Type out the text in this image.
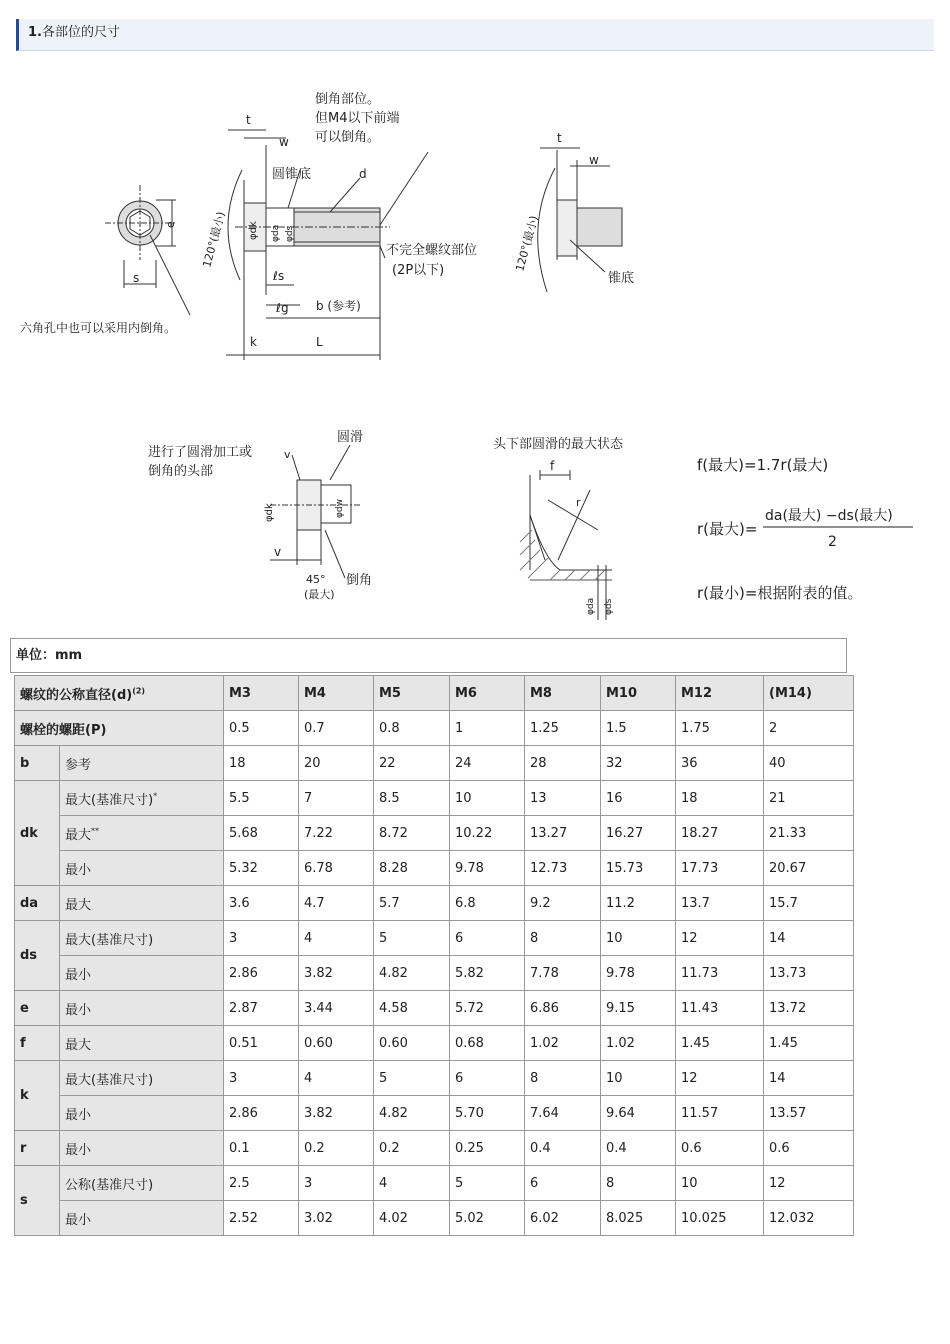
1.各部位的尺寸
s
e
六角孔中也可以采用内倒角。
t
w
d
倒角部位。
但M4以下前端
可以倒角。
圆锥底
不完全螺纹部位
(2P以下)
120°(最小) φdk φda φds
ℓs
ℓg b (参考)
k	L
t
w
120°(最小)
锥底
进行了圆滑加工或
倒角的头部
圆滑
倒角
v
v
φdk	φdw
45°
(最大)
头下部圆滑的最大状态
f
r
φda φds
f(最大)=1.7r(最大)
r(最大)=
da(最大) −ds(最大)
2
r(最小)=根据附表的值。
单位：mm
螺纹的公称直径$(d)^{(2)}$		M3	M4	M5	M6	M8	M10	M12	(M14)
螺栓的螺距(P)		0.5	0.7	0.8	1	1.25	1.5	1.75	2
b	参考	18	20	22	24	28	32	36	40
dk	最大(基准尺寸)*	5.5	7	8.5	10	13	16	18	21
	最大**	5.68	7.22	8.72	10.22	13.27	16.27	18.27	21.33
	最小	5.32	6.78	8.28	9.78	12.73	15.73	17.73	20.67
da	最大	3.6	4.7	5.7	6.8	9.2	11.2	13.7	15.7
ds	最大(基准尺寸)	3	4	5	6	8	10	12	14
	最小	2.86	3.82	4.82	5.82	7.78	9.78	11.73	13.73
e	最小	2.87	3.44	4.58	5.72	6.86	9.15	11.43	13.72
f	最大	0.51	0.60	0.60	0.68	1.02	1.02	1.45	1.45
k	最大(基准尺寸)	3	4	5	6	8	10	12	14
	最小	2.86	3.82	4.82	5.70	7.64	9.64	11.57	13.57
r	最小	0.1	0.2	0.2	0.25	0.4	0.4	0.6	0.6
s	公称(基准尺寸)	2.5	3	4	5	6	8	10	12
	最小	2.52	3.02	4.02	5.02	6.02	8.025	10.025	12.032
